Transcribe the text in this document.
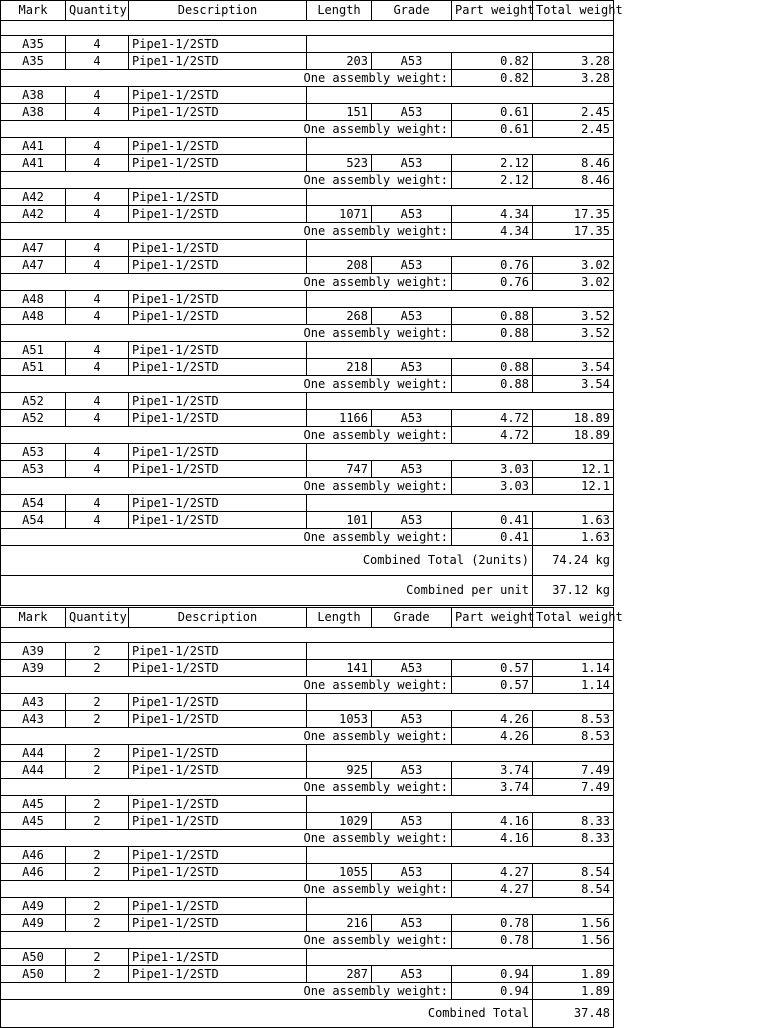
Mark	Quantity	Description	Length	Grade	Part weight	Total weight

A35	4	Pipe1-1/2STD				
A35	4	Pipe1-1/2STD	203	A53	0.82	3.28
One assembly weight:					0.82	3.28
A38	4	Pipe1-1/2STD				
A38	4	Pipe1-1/2STD	151	A53	0.61	2.45
One assembly weight:					0.61	2.45
A41	4	Pipe1-1/2STD				
A41	4	Pipe1-1/2STD	523	A53	2.12	8.46
One assembly weight:					2.12	8.46
A42	4	Pipe1-1/2STD				
A42	4	Pipe1-1/2STD	1071	A53	4.34	17.35
One assembly weight:					4.34	17.35
A47	4	Pipe1-1/2STD				
A47	4	Pipe1-1/2STD	208	A53	0.76	3.02
One assembly weight:					0.76	3.02
A48	4	Pipe1-1/2STD				
A48	4	Pipe1-1/2STD	268	A53	0.88	3.52
One assembly weight:					0.88	3.52
A51	4	Pipe1-1/2STD				
A51	4	Pipe1-1/2STD	218	A53	0.88	3.54
One assembly weight:					0.88	3.54
A52	4	Pipe1-1/2STD				
A52	4	Pipe1-1/2STD	1166	A53	4.72	18.89
One assembly weight:					4.72	18.89
A53	4	Pipe1-1/2STD				
A53	4	Pipe1-1/2STD	747	A53	3.03	12.1
One assembly weight:					3.03	12.1
A54	4	Pipe1-1/2STD				
A54	4	Pipe1-1/2STD	101	A53	0.41	1.63
One assembly weight:					0.41	1.63
Combined Total (2units)						74.24 kg
Combined per unit						37.12 kg
Mark	Quantity	Description	Length	Grade	Part weight	Total weight

A39	2	Pipe1-1/2STD				
A39	2	Pipe1-1/2STD	141	A53	0.57	1.14
One assembly weight:					0.57	1.14
A43	2	Pipe1-1/2STD				
A43	2	Pipe1-1/2STD	1053	A53	4.26	8.53
One assembly weight:					4.26	8.53
A44	2	Pipe1-1/2STD				
A44	2	Pipe1-1/2STD	925	A53	3.74	7.49
One assembly weight:					3.74	7.49
A45	2	Pipe1-1/2STD				
A45	2	Pipe1-1/2STD	1029	A53	4.16	8.33
One assembly weight:					4.16	8.33
A46	2	Pipe1-1/2STD				
A46	2	Pipe1-1/2STD	1055	A53	4.27	8.54
One assembly weight:					4.27	8.54
A49	2	Pipe1-1/2STD				
A49	2	Pipe1-1/2STD	216	A53	0.78	1.56
One assembly weight:					0.78	1.56
A50	2	Pipe1-1/2STD				
A50	2	Pipe1-1/2STD	287	A53	0.94	1.89
One assembly weight:					0.94	1.89
Combined Total						37.48
